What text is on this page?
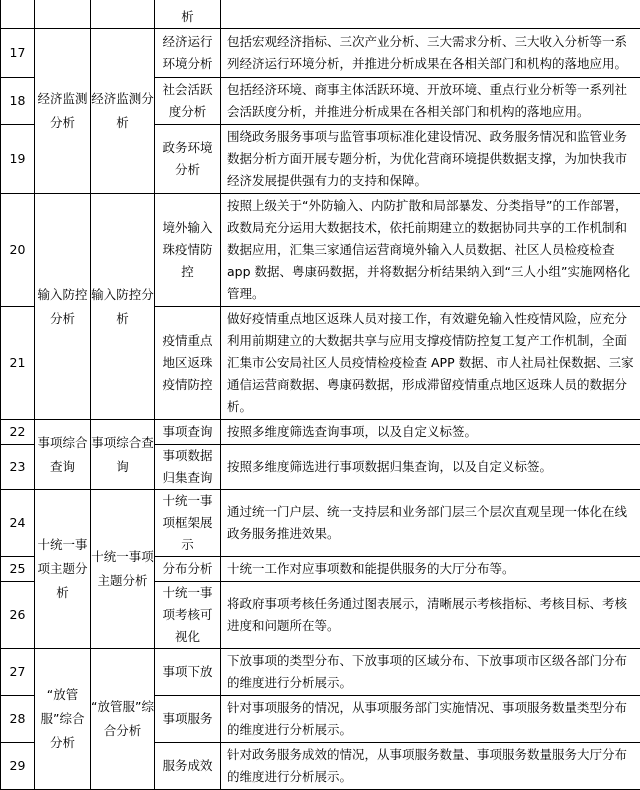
			析	
17	经济监测分析	经济监测分析	经济运行环境分析	包括宏观经济指标、三次产业分析、三大需求分析、三大收入分析等一系列经济运行环境分析，并推进分析成果在各相关部门和机构的落地应用。
18			社会活跃度分析	包括经济环境、商事主体活跃环境、开放环境、重点行业分析等一系列社会活跃度分析，并推进分析成果在各相关部门和机构的落地应用。
19			政务环境分析	围绕政务服务事项与监管事项标准化建设情况、政务服务情况和监管业务数据分析方面开展专题分析，为优化营商环境提供数据支撑，为加快我市经济发展提供强有力的支持和保障。
20	输入防控分析	输入防控分析	境外输入珠疫情防控	按照上级关于“外防输入、内防扩散和局部暴发、分类指导”的工作部署，政数局充分运用大数据技术，依托前期建立的数据协同共享的工作机制和数据应用，汇集三家通信运营商境外输入人员数据、社区人员检疫检查 app 数据、粤康码数据，并将数据分析结果纳入到“三人小组”实施网格化管理。
21			疫情重点地区返珠疫情防控	做好疫情重点地区返珠人员对接工作，有效避免输入性疫情风险，应充分利用前期建立的大数据共享与应用支撑疫情防控复工复产工作机制，全面汇集市公安局社区人员疫情检疫检查 APP 数据、市人社局社保数据、三家通信运营商数据、粤康码数据，形成滞留疫情重点地区返珠人员的数据分析。
22	事项综合查询	事项综合查询	事项查询	按照多维度筛选查询事项，以及自定义标签。
23			事项数据归集查询	按照多维度筛选进行事项数据归集查询，以及自定义标签。
24	十统一事项主题分析	十统一事项主题分析	十统一事项框架展示	通过统一门户层、统一支持层和业务部门层三个层次直观呈现一体化在线政务服务推进效果。
25			分布分析	十统一工作对应事项数和能提供服务的大厅分布等。
26			十统一事项考核可视化	将政府事项考核任务通过图表展示，清晰展示考核指标、考核目标、考核进度和问题所在等。
27	“放管服”综合分析	“放管服”综合分析	事项下放	下放事项的类型分布、下放事项的区域分布、下放事项市区级各部门分布的维度进行分析展示。
28			事项服务	针对事项服务的情况，从事项服务部门实施情况、事项服务数量类型分布的维度进行分析展示。
29			服务成效	针对政务服务成效的情况，从事项服务数量、事项服务数量服务大厅分布的维度进行分析展示。
